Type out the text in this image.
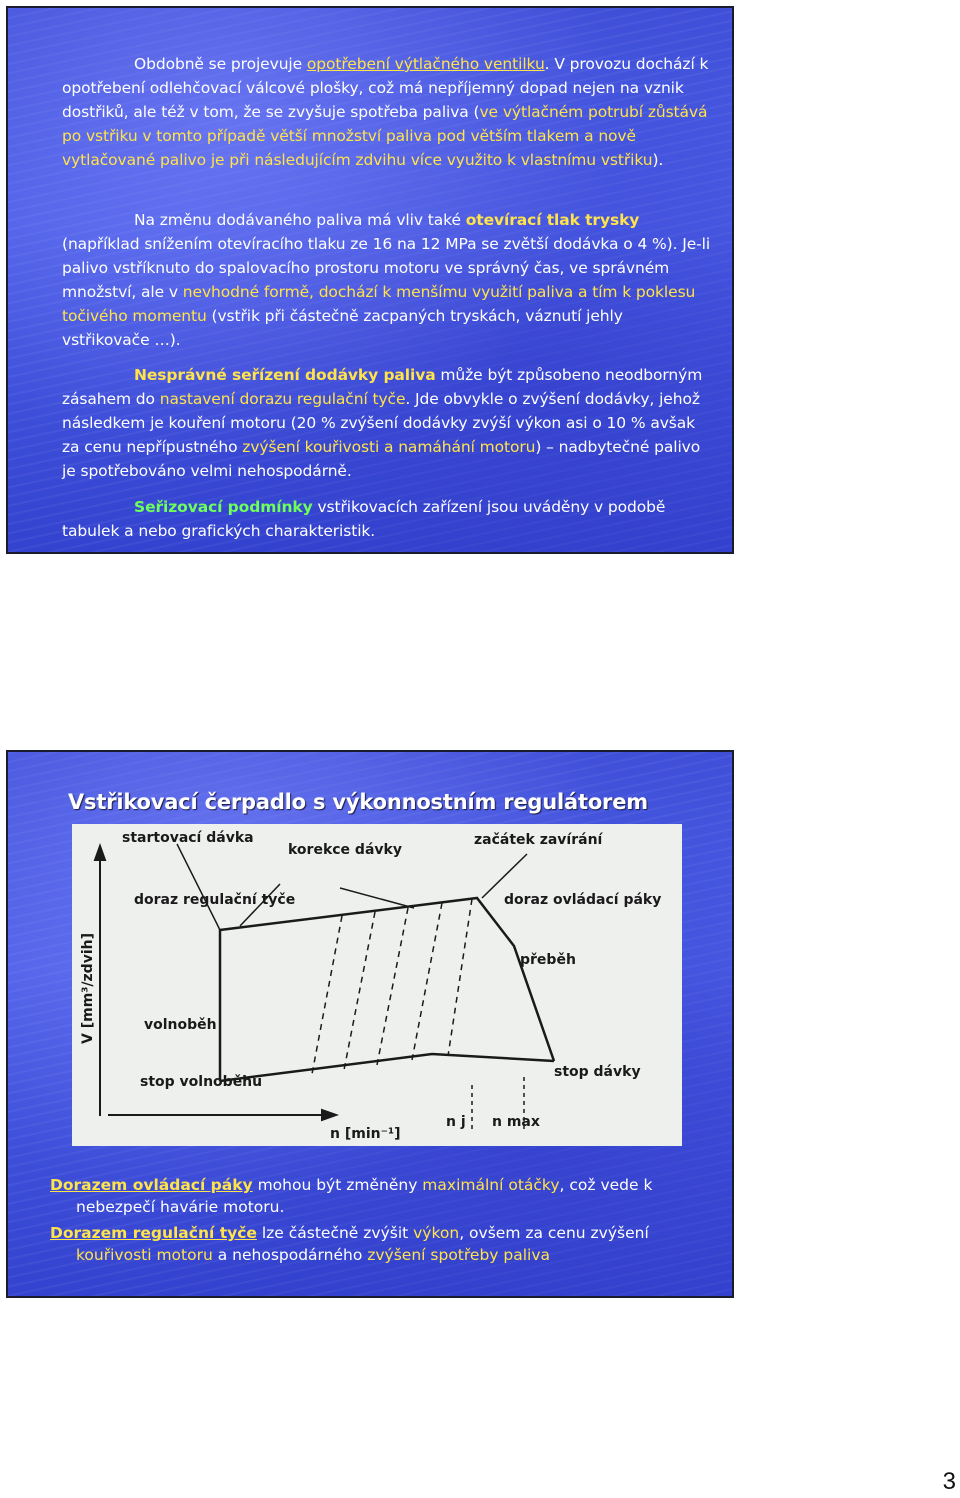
Obdobně se projevuje opotřebení výtlačného ventilku. V provozu dochází k opotřebení odlehčovací válcové plošky, což má nepříjemný dopad nejen na vznik dostřiků, ale též v tom, že se zvyšuje spotřeba paliva (ve výtlačném potrubí zůstává po vstřiku v tomto případě větší množství paliva pod větším tlakem a nově vytlačované palivo je při následujícím zdvihu více využito k vlastnímu vstřiku).
Na změnu dodávaného paliva má vliv také otevírací tlak trysky (například snížením otevíracího tlaku ze 16 na 12 MPa se zvětší dodávka o 4 %). Je-li palivo vstříknuto do spalovacího prostoru motoru ve správný čas, ve správném množství, ale v nevhodné formě, dochází k menšímu využití paliva a tím k poklesu točivého momentu (vstřik při částečně zacpaných tryskách, váznutí jehly vstřikovače …).
Nesprávné seřízení dodávky paliva může být způsobeno neodborným zásahem do nastavení dorazu regulační tyče. Jde obvykle o zvýšení dodávky, jehož následkem je kouření motoru (20 % zvýšení dodávky zvýší výkon asi o 10 % avšak za cenu nepřípustného zvýšení kouřivosti a namáhání motoru) – nadbytečné palivo je spotřebováno velmi nehospodárně.
Seřizovací podmínky vstřikovacích zařízení jsou uváděny v podobě tabulek a nebo grafických charakteristik.
Vstřikovací čerpadlo s výkonnostním regulátorem
startovací dávka
korekce dávky
začátek zavírání
doraz regulační tyče	doraz ovládací páky
přeběh
volnoběh
stop volnoběhu
stop dávky
V [mm³/zdvih]
n [min⁻¹]
n j n max
Dorazem ovládací páky mohou být změněny maximální otáčky, což vede k
nebezpečí havárie motoru.
Dorazem regulační tyče lze částečně zvýšit výkon, ovšem za cenu zvýšení
kouřivosti motoru a nehospodárného zvýšení spotřeby paliva
3
